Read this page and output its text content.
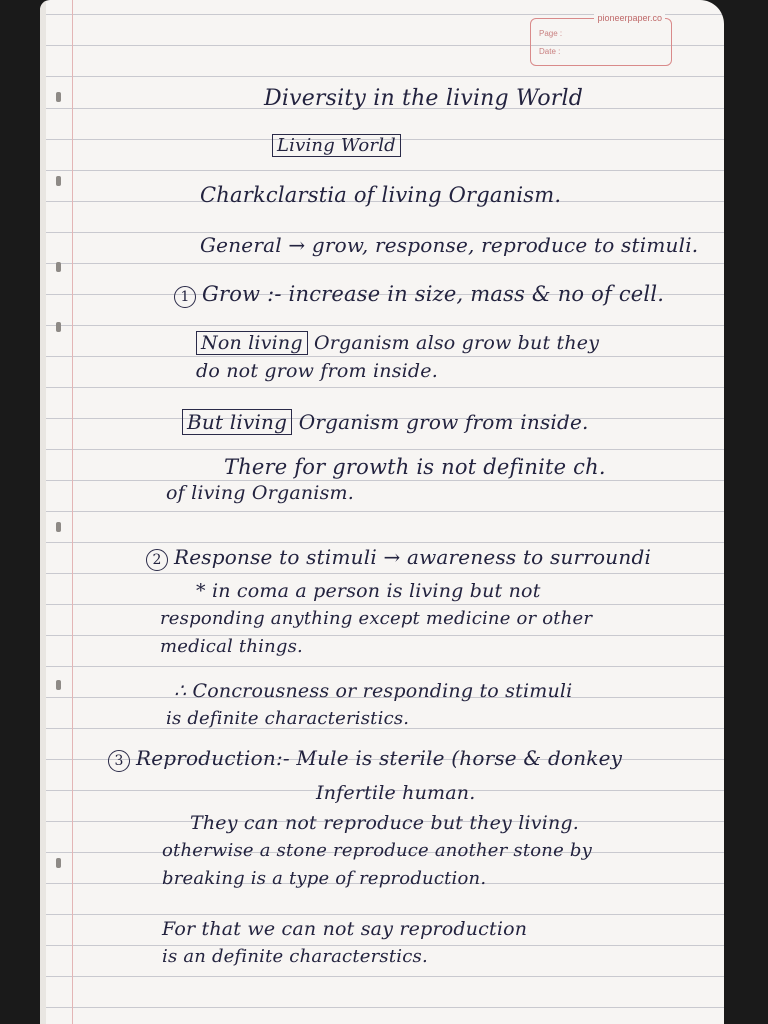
pioneerpaper.co
Page :
Date :
Diversity in the living World
Living World
Charkclarstia of living Organism.
General → grow, response, reproduce to stimuli.
1 Grow :- increase in size, mass & no of cell.
Non living Organism also grow but they
do not grow from inside.
But living Organism grow from inside.
There for growth is not definite ch.
of living Organism.
2 Response to stimuli → awareness to surroundi
* in coma a person is living but not
responding anything except medicine or other
medical things.
∴ Concrousness or responding to stimuli
is definite characteristics.
3 Reproduction:- Mule is sterile (horse & donkey
Infertile human.
They can not reproduce but they living.
otherwise a stone reproduce another stone by
breaking is a type of reproduction.
For that we can not say reproduction
is an definite characterstics.
